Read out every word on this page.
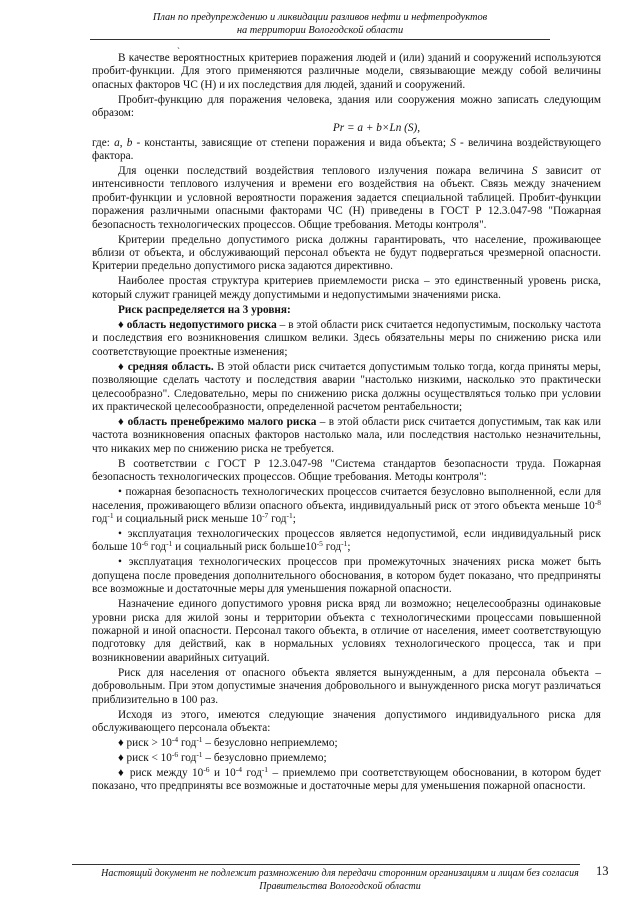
План по предупреждению и ликвидации разливов нефти и нефтепродуктов
на территории Вологодской области
ˎ

В качестве вероятностных критериев поражения людей и (или) зданий и сооружений используются пробит-функции. Для этого применяются различные модели, связывающие между собой величины опасных факторов ЧС (Н) и их последствия для людей, зданий и сооружений.

Пробит-функцию для поражения человека, здания или сооружения можно записать следующим образом:

Pr = a + b×Ln (S),

где: a, b - константы, зависящие от степени поражения и вида объекта; S - величина воздействующего фактора.

Для оценки последствий воздействия теплового излучения пожара величина S зависит от интенсивности теплового излучения и времени его воздействия на объект. Связь между значением пробит-функции и условной вероятности поражения задается специальной таблицей. Пробит-функции поражения различными опасными факторами ЧС (Н) приведены в ГОСТ Р 12.3.047-98 "Пожарная безопасность технологических процессов. Общие требования. Методы контроля".

Критерии предельно допустимого риска должны гарантировать, что население, проживающее вблизи от объекта, и обслуживающий персонал объекта не будут подвергаться чрезмерной опасности. Критерии предельно допустимого риска задаются директивно.

Наиболее простая структура критериев приемлемости риска – это единственный уровень риска, который служит границей между допустимыми и недопустимыми значениями риска.

Риск распределяется на 3 уровня:

♦ область недопустимого риска – в этой области риск считается недопустимым, поскольку частота и последствия его возникновения слишком велики. Здесь обязательны меры по снижению риска или соответствующие проектные изменения;

♦ средняя область. В этой области риск считается допустимым только тогда, когда приняты меры, позволяющие сделать частоту и последствия аварии "настолько низкими, насколько это практически целесообразно". Следовательно, меры по снижению риска должны осуществляться только при условии их практической целесообразности, определенной расчетом рентабельности;

♦ область пренебрежимо малого риска – в этой области риск считается допустимым, так как или частота возникновения опасных факторов настолько мала, или последствия настолько незначительны, что никаких мер по снижению риска не требуется.

В соответствии с ГОСТ Р 12.3.047-98 "Система стандартов безопасности труда. Пожарная безопасность технологических процессов. Общие требования. Методы контроля":

• пожарная безопасность технологических процессов считается безусловно выполненной, если для населения, проживающего вблизи опасного объекта, индивидуальный риск от этого объекта меньше $10^{-8}$ год$^{-1}$ и социальный риск меньше $10^{-7}$ год$^{-1}$;

• эксплуатация технологических процессов является недопустимой, если индивидуальный риск больше $10^{-6}$ год$^{-1}$ и социальный риск $больше10^{-5}$ год$^{-1}$;

• эксплуатация технологических процессов при промежуточных значениях риска может быть допущена после проведения дополнительного обоснования, в котором будет показано, что предприняты все возможные и достаточные меры для уменьшения пожарной опасности.

Назначение единого допустимого уровня риска вряд ли возможно; нецелесообразны одинаковые уровни риска для жилой зоны и территории объекта с технологическими процессами повышенной пожарной и иной опасности. Персонал такого объекта, в отличие от населения, имеет соответствующую подготовку для действий, как в нормальных условиях технологического процесса, так и при возникновении аварийных ситуаций.

Риск для населения от опасного объекта является вынужденным, а для персонала объекта – добровольным. При этом допустимые значения добровольного и вынужденного риска могут различаться приблизительно в 100 раз.

Исходя из этого, имеются следующие значения допустимого индивидуального риска для обслуживающего персонала объекта:

♦ риск > $10^{-4}$ год$^{-1}$ – безусловно неприемлемо;

♦ риск < $10^{-6}$ год$^{-1}$ – безусловно приемлемо;

♦ риск между $10^{-6}$ и $10^{-4}$ год$^{-1}$ – приемлемо при соответствующем обосновании, в котором будет показано, что предприняты все возможные и достаточные меры для уменьшения пожарной опасности.

Настоящий документ не подлежит размножению для передачи сторонним организациям и лицам без согласия Правительства Вологодской области
13
